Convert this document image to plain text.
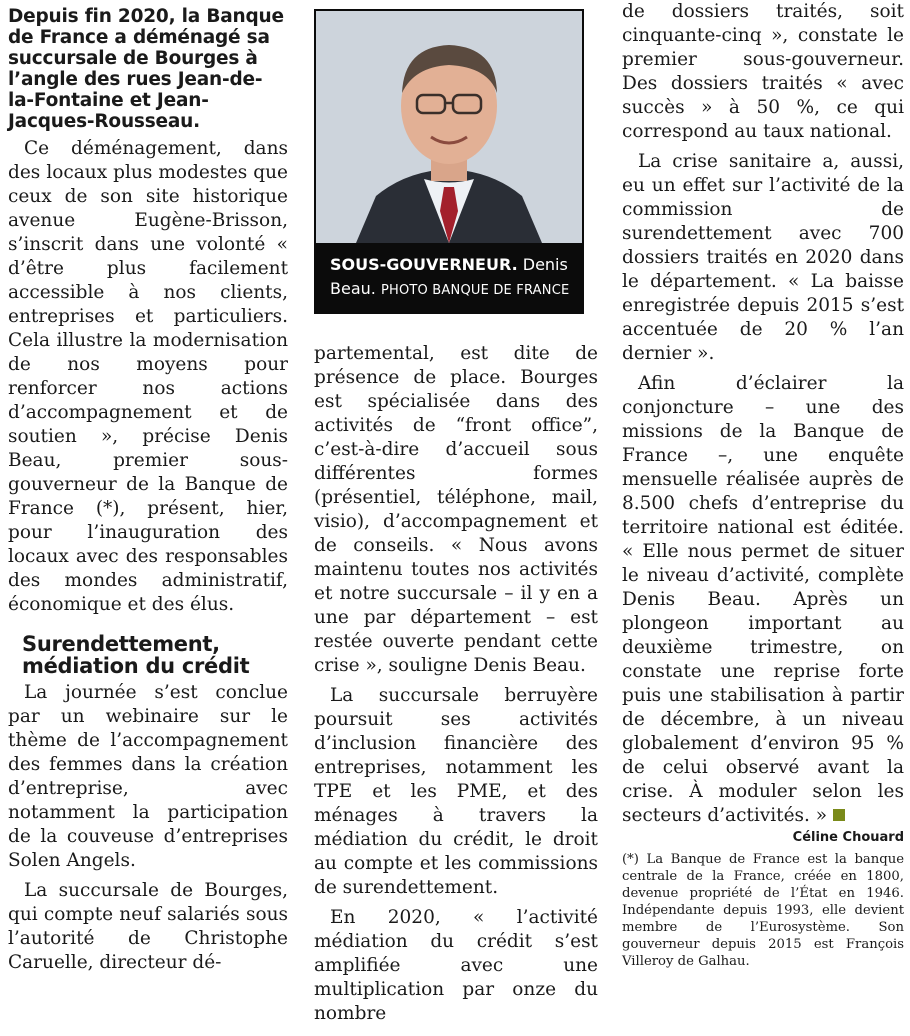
Depuis fin 2020, la Banque de France a déménagé sa succursale de Bourges à l’angle des rues Jean-de-la-Fontaine et Jean-Jacques-Rousseau.

Ce déménagement, dans des locaux plus modestes que ceux de son site historique avenue Eugène-Brisson, s’inscrit dans une volonté « d’être plus facilement accessible à nos clients, entreprises et particuliers. Cela illustre la modernisation de nos moyens pour renforcer nos actions d’accompagnement et de soutien », précise Denis Beau, premier sous-gouverneur de la Banque de France (*), présent, hier, pour l’inauguration des locaux avec des responsables des mondes administratif, économique et des élus.

Surendettement, médiation du crédit

La journée s’est conclue par un webinaire sur le thème de l’accompagnement des femmes dans la création d’entreprise, avec notamment la participation de la couveuse d’entreprises Solen Angels.

La succursale de Bourges, qui compte neuf salariés sous l’autorité de Christophe Caruelle, directeur dé-

SOUS-GOUVERNEUR. Denis Beau. PHOTO BANQUE DE FRANCE

partemental, est dite de présence de place. Bourges est spécialisée dans des activités de “front office”, c’est-à-dire d’accueil sous différentes formes (présentiel, téléphone, mail, visio), d’accompagnement et de conseils. « Nous avons maintenu toutes nos activités et notre succursale – il y en a une par département – est restée ouverte pendant cette crise », souligne Denis Beau.

La succursale berruyère poursuit ses activités d’inclusion financière des entreprises, notamment les TPE et les PME, et des ménages à travers la médiation du crédit, le droit au compte et les commissions de surendettement.

En 2020, « l’activité médiation du crédit s’est amplifiée avec une multiplication par onze du nombre

de dossiers traités, soit cinquante-cinq », constate le premier sous-gouverneur. Des dossiers traités « avec succès » à 50 %, ce qui correspond au taux national.

La crise sanitaire a, aussi, eu un effet sur l’activité de la commission de surendettement avec 700 dossiers traités en 2020 dans le département. « La baisse enregistrée depuis 2015 s’est accentuée de 20 % l’an dernier ».

Afin d’éclairer la conjoncture – une des missions de la Banque de France –, une enquête mensuelle réalisée auprès de 8.500 chefs d’entreprise du territoire national est éditée. « Elle nous permet de situer le niveau d’activité, complète Denis Beau. Après un plongeon important au deuxième trimestre, on constate une reprise forte puis une stabilisation à partir de décembre, à un niveau globalement d’environ 95 % de celui observé avant la crise. À moduler selon les secteurs d’activités. »

Céline Chouard

(*) La Banque de France est la banque centrale de la France, créée en 1800, devenue propriété de l’État en 1946. Indépendante depuis 1993, elle devient membre de l’Eurosystème. Son gouverneur depuis 2015 est François Villeroy de Galhau.
